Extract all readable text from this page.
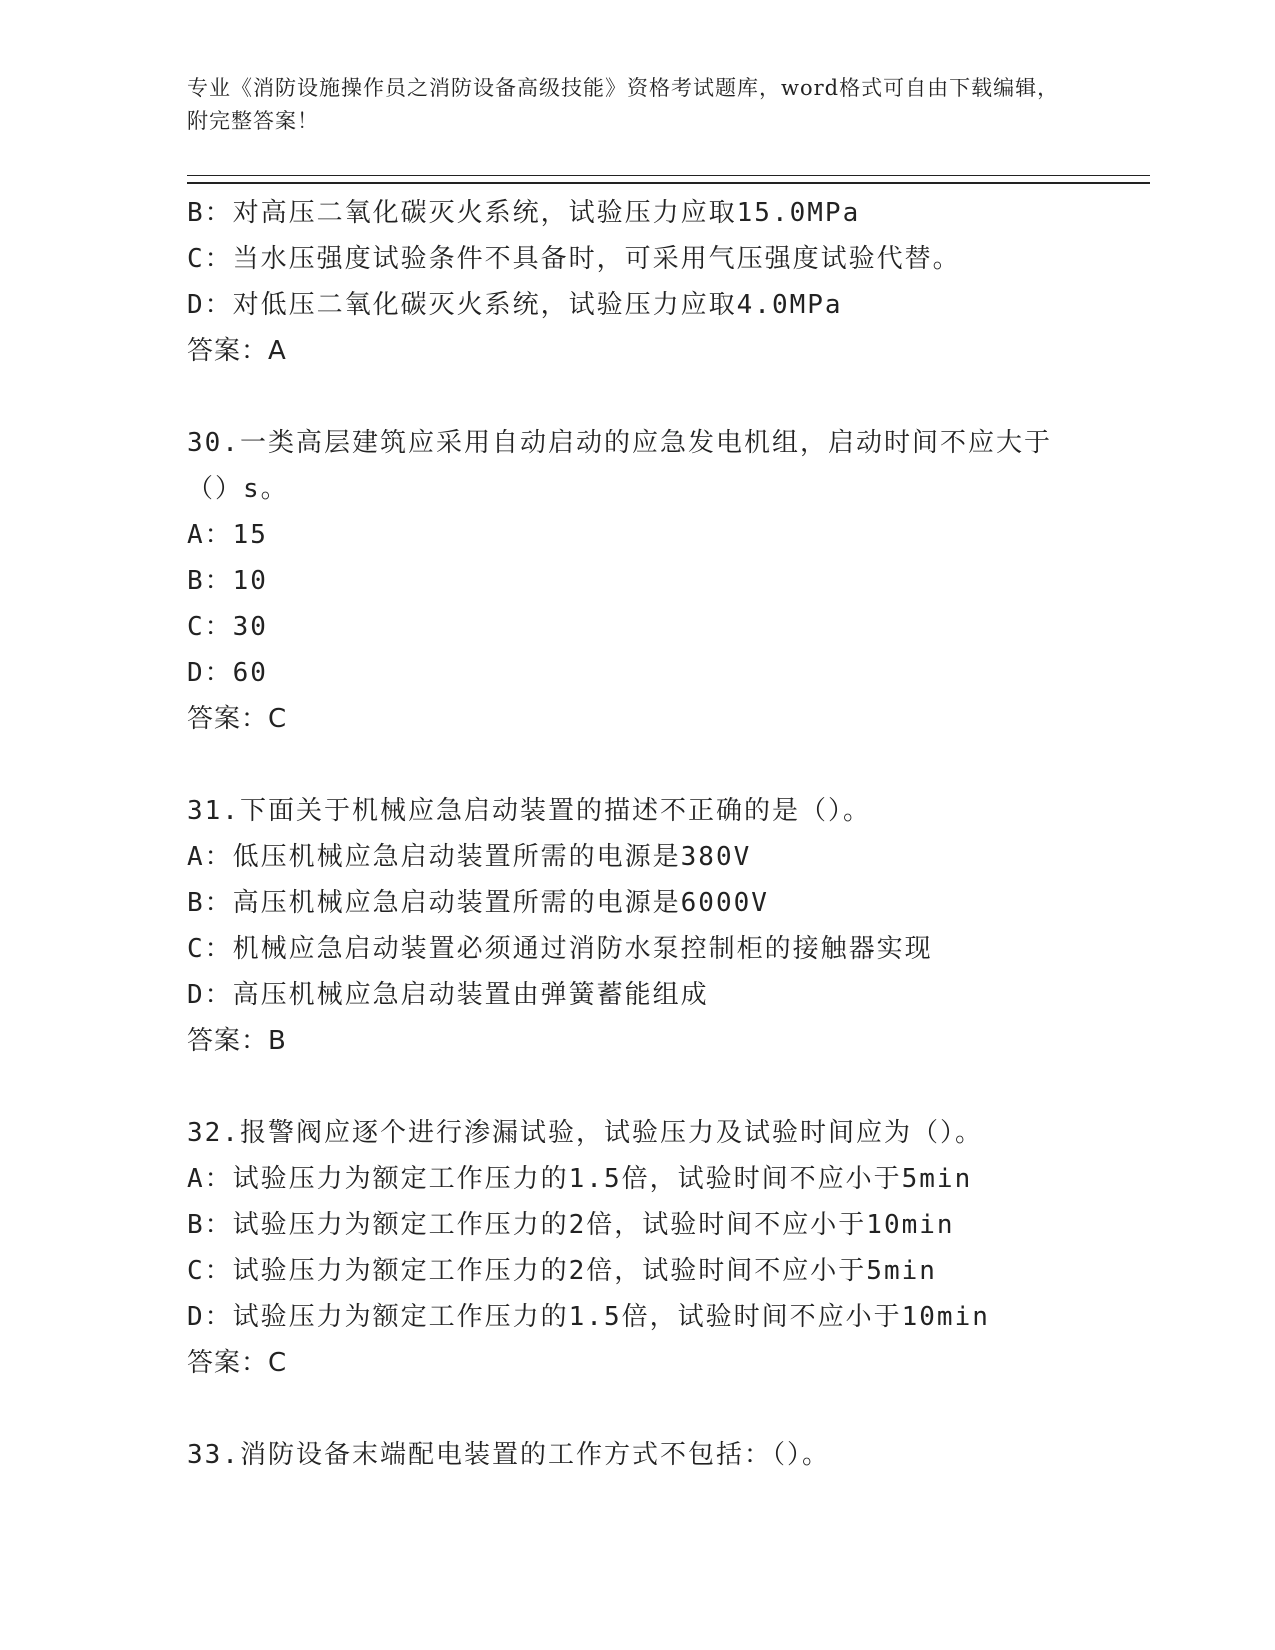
专业《消防设施操作员之消防设备高级技能》资格考试题库，word格式可自由下载编辑，附完整答案！
B：对高压二氧化碳灭火系统，试验压力应取15.0MPa
C：当水压强度试验条件不具备时，可采用气压强度试验代替。
D：对低压二氧化碳灭火系统，试验压力应取4.0MPa
答案：A
30.一类高层建筑应采用自动启动的应急发电机组，启动时间不应大于（）s。
A：15
B：10
C：30
D：60
答案：C
31.下面关于机械应急启动装置的描述不正确的是（）。
A：低压机械应急启动装置所需的电源是380V
B：高压机械应急启动装置所需的电源是6000V
C：机械应急启动装置必须通过消防水泵控制柜的接触器实现
D：高压机械应急启动装置由弹簧蓄能组成
答案：B
32.报警阀应逐个进行渗漏试验，试验压力及试验时间应为（）。
A：试验压力为额定工作压力的1.5倍，试验时间不应小于5min
B：试验压力为额定工作压力的2倍，试验时间不应小于10min
C：试验压力为额定工作压力的2倍，试验时间不应小于5min
D：试验压力为额定工作压力的1.5倍，试验时间不应小于10min
答案：C
33.消防设备末端配电装置的工作方式不包括：（）。
